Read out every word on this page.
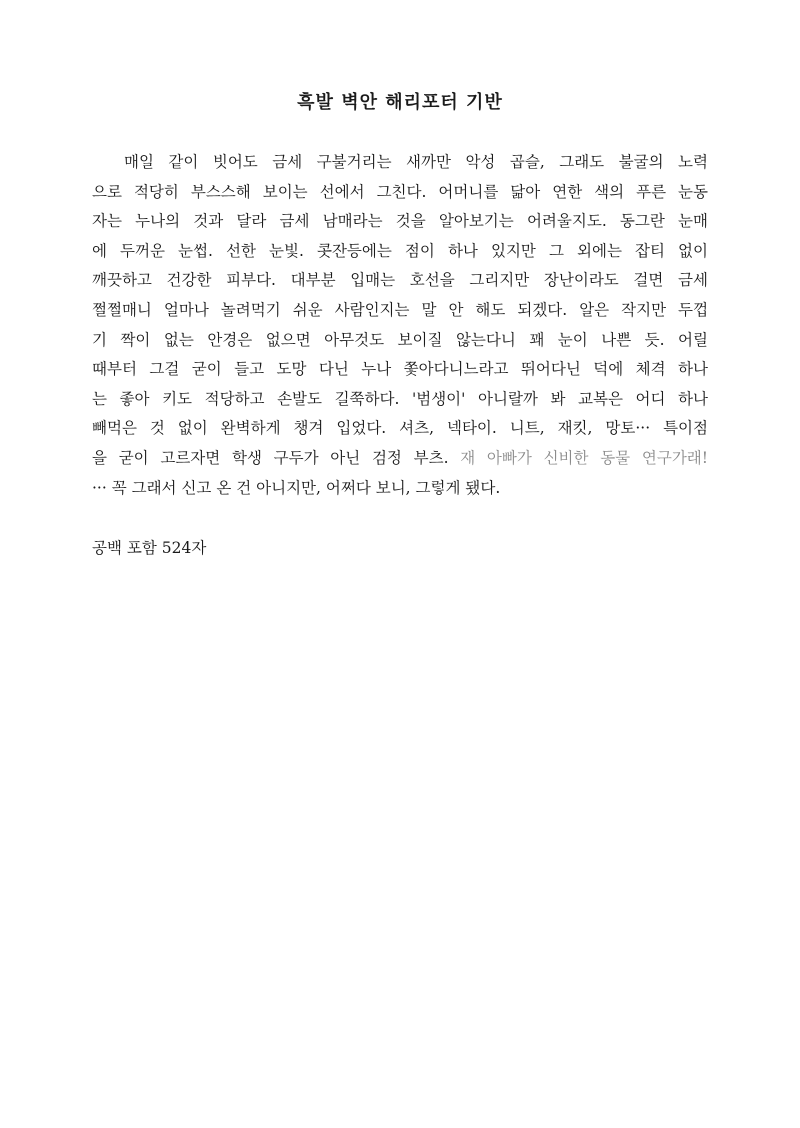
흑발 벽안 해리포터 기반
매일 같이 빗어도 금세 구불거리는 새까만 악성 곱슬, 그래도 불굴의 노력
으로 적당히 부스스해 보이는 선에서 그친다. 어머니를 닮아 연한 색의 푸른 눈동
자는 누나의 것과 달라 금세 남매라는 것을 알아보기는 어려울지도. 동그란 눈매
에 두꺼운 눈썹. 선한 눈빛. 콧잔등에는 점이 하나 있지만 그 외에는 잡티 없이
깨끗하고 건강한 피부다. 대부분 입매는 호선을 그리지만 장난이라도 걸면 금세
쩔쩔매니 얼마나 놀려먹기 쉬운 사람인지는 말 안 해도 되겠다. 알은 작지만 두껍
기 짝이 없는 안경은 없으면 아무것도 보이질 않는다니 꽤 눈이 나쁜 듯. 어릴
때부터 그걸 굳이 들고 도망 다닌 누나 쫓아다니느라고 뛰어다닌 덕에 체격 하나
는 좋아 키도 적당하고 손발도 길쭉하다. '범생이' 아니랄까 봐 교복은 어디 하나
빼먹은 것 없이 완벽하게 챙겨 입었다. 셔츠, 넥타이. 니트, 재킷, 망토··· 특이점
을 굳이 고르자면 학생 구두가 아닌 검정 부츠. 재 아빠가 신비한 동물 연구가래!
··· 꼭 그래서 신고 온 건 아니지만, 어쩌다 보니, 그렇게 됐다.

공백 포함 524자
